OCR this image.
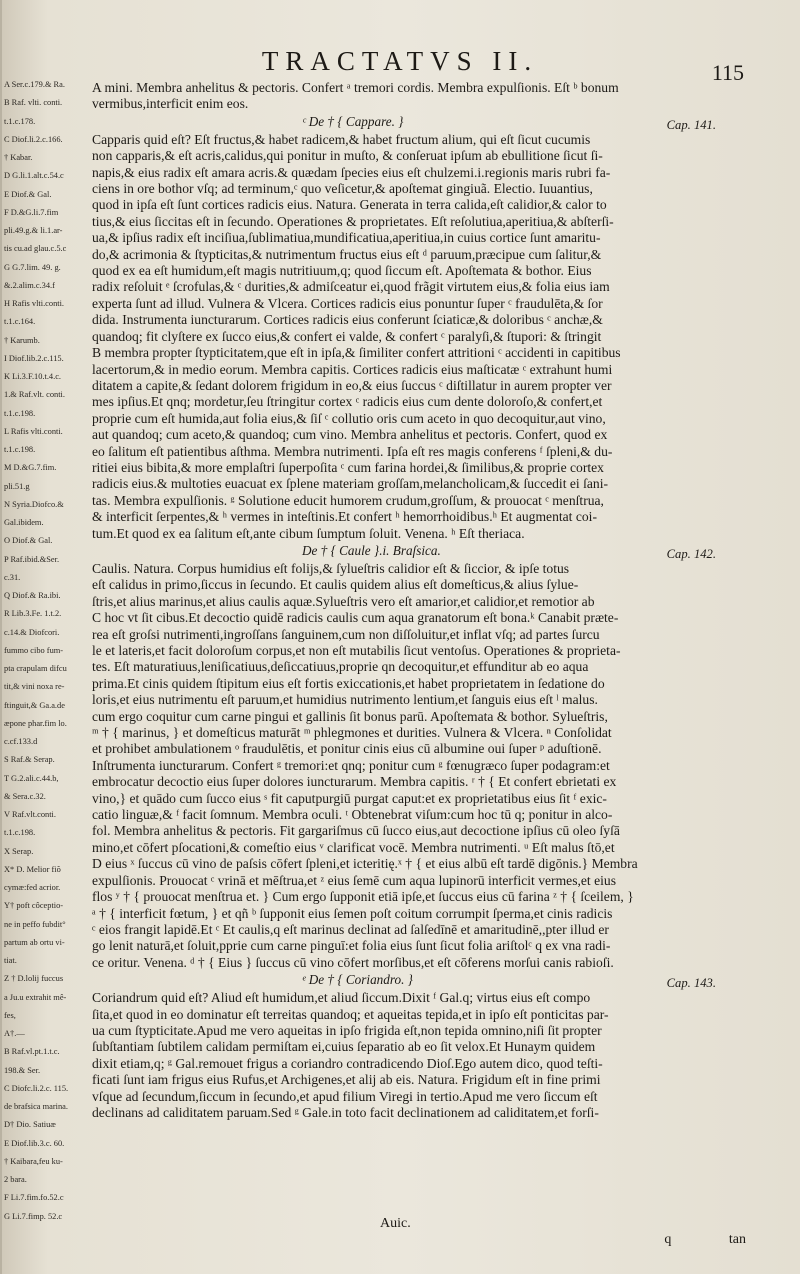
TRACTATVS II.	115
A Ser.c.179.& Ra.
B Raf. vlti. conti.
t.1.c.178.
C Diof.li.2.c.166.
† Kabar.
D G.li.1.alt.c.54.c
E Diof.& Gal.
F D.&G.li.7.fim
pli.49.g.& li.1.ar-
tis cu.ad glau.c.5.c
G G.7.lim. 49. g.
&.2.alim.c.34.f
H Rafis vlti.conti.
t.1.c.164.
† Karumb.
I Diof.lib.2.c.115.
K Li.3.F.10.t.4.c.
1.& Raf.vlt. conti.
t.1.c.198.
L Rafis vlti.conti.
t.1.c.198.
M D.&G.7.fim.
pli.51.g
N Syria.Diofco.&
Gal.ibidem.
O Diof.& Gal.
P Raf.ibid.&Ser.
c.31.
Q Diof.& Ra.ibi.
R Lib.3.Fe. 1.t.2.
c.14.& Diofcori.
fummo cibo fum-
pta crapulam difcu
tit,& vini noxa re-
ftinguit,& Ga.a.de
æpone phar.fim lo.
c.cf.133.d
S Raf.& Serap.
T G.2.ali.c.44.b,
& Sera.c.32.
V Raf.vlt.conti.
t.1.c.198.
X Serap.
X* D. Melior fiõ
cymæ:fed acrior.
Y† poft côceptio-
ne in peffo fubdit°
partum ab ortu vi-
tiat.
Z † D.lolij fuccus
a Ju.u extrahit mê-
fes,
A†.—
B Raf.vl.pt.1.t.c.
198.& Ser.
C Diofc.li.2.c. 115.
de brafsica marina.
D† Dio. Satiuæ
E Diof.lib.3.c. 60.
† Kaibara,feu ku-
2 bara.
F Li.7.fim.fo.52.c
G Li.7.fimp. 52.c

A mini. Membra anhelitus & pectoris. Confert ᵃ tremori cordis. Membra expulſionis. Eſt ᵇ bonum

vermibus,interficit enim eos.

ᶜ De † { Cappare. }	Cap. 141.

Capparis quid eſt? Eſt fructus,& habet radicem,& habet fructum alium, qui eſt ſicut cucumis

non capparis,& eſt acris,calidus,qui ponitur in muſto, & conſeruat ipſum ab ebullitione ſicut ſi-

napis,& eius radix eſt amara acris.& quædam ſpecies eius eſt chulzemi.i.regionis maris rubri fa-

ciens in ore bothor vſq; ad terminum,ᶜ quo veſicetur,& apoſtemat gingiuã. Electio. Iuuantius,

quod in ipſa eſt ſunt cortices radicis eius. Natura. Generata in terra calida,eſt calidior,& calor to

tius,& eius ſiccitas eſt in ſecundo. Operationes & proprietates. Eſt reſolutiua,aperitiua,& abſterſi-

ua,& ipſius radix eſt inciſiua,ſublimatiua,mundificatiua,aperitiua,in cuius cortice ſunt amaritu-

do,& acrimonia & ſtypticitas,& nutrimentum fructus eius eſt ᵈ paruum,præcipue cum ſalitur,&

quod ex ea eſt humidum,eſt magis nutritiuum,q; quod ſiccum eſt. Apoſtemata & bothor. Eius

radix reſoluit ᵉ ſcrofulas,& ᶜ durities,& admiſceatur ei,quod frãgit virtutem eius,& folia eius iam

experta ſunt ad illud. Vulnera & Vlcera. Cortices radicis eius ponuntur ſuper ᶜ fraudulēta,& ſor

dida. Instrumenta iuncturarum. Cortices radicis eius conferunt ſciaticæ,& doloribus ᶜ anchæ,&

quandoq; fit clyſtere ex ſucco eius,& confert ei valde, & confert ᶜ paralyſi,& ſtupori: & ſtringit

B membra propter ſtypticitatem,que eſt in ipſa,& ſimiliter confert attritioni ᶜ accidenti in capitibus

lacertorum,& in medio eorum. Membra capitis. Cortices radicis eius maſticatæ ᶜ extrahunt humi

ditatem a capite,& ſedant dolorem frigidum in eo,& eius ſuccus ᶜ diſtillatur in aurem propter ver

mes ipſius.Et qnq; mordetur,ſeu ſtringitur cortex ᶜ radicis eius cum dente doloroſo,& confert,et

proprie cum eſt humida,aut folia eius,& ſiſ ᶜ collutio oris cum aceto in quo decoquitur,aut vino,

aut quandoq; cum aceto,& quandoq; cum vino. Membra anhelitus et pectoris. Confert, quod ex

eo ſalitum eſt patientibus aſthma. Membra nutrimenti. Ipſa eſt res magis conferens ᶠ ſpleni,& du-

ritiei eius bibita,& more emplaſtri ſuperpoſita ᶜ cum farina hordei,& ſimilibus,& proprie cortex

radicis eius.& multoties euacuat ex ſplene materiam groſſam,melancholicam,& ſuccedit ei ſani-

tas. Membra expulſionis. ᵍ Solutione educit humorem crudum,groſſum, & prouocat ᶜ menſtrua,

& interficit ſerpentes,& ʰ vermes in inteſtinis.Et confert ʰ hemorrhoidibus.ʰ Et augmentat coi-

tum.Et quod ex ea ſalitum eſt,ante cibum ſumptum ſoluit. Venena. ʰ Eſt theriaca.

De † { Caule }.i. Braſsica.	Cap. 142.

Caulis. Natura. Corpus humidius eſt folijs,& ſylueſtris calidior eſt & ſiccior, & ipſe totus

eſt calidus in primo,ſiccus in ſecundo. Et caulis quidem alius eſt domeſticus,& alius ſylue-

ſtris,et alius marinus,et alius caulis aquæ.Sylueſtris vero eſt amarior,et calidior,et remotior ab

C hoc vt ſit cibus.Et decoctio quidē radicis caulis cum aqua granatorum eſt bona.ᵏ Canabit præte-

rea eſt groſsi nutrimenti,ingroſſans ſanguinem,cum non diſſoluitur,et inflat vſq; ad partes ſurcu

le et lateris,et facit doloroſum corpus,et non eſt mutabilis ſicut ventoſus. Operationes & proprieta-

tes. Eſt maturatiuus,leniſicatiuus,deſiccatiuus,proprie qn decoquitur,et effunditur ab eo aqua

prima.Et cinis quidem ſtipitum eius eſt fortis exiccationis,et habet proprietatem in ſedatione do

loris,et eius nutrimentu eſt paruum,et humidius nutrimento lentium,et ſanguis eius eſt ˡ malus.

cum ergo coquitur cum carne pingui et gallinis ſit bonus parū. Apoſtemata & bothor. Sylueſtris,

ᵐ † { marinus, } et domeſticus maturāt ᵐ phlegmones et durities. Vulnera & Vlcera. ⁿ Conſolidat

et prohibet ambulationem ᵒ fraudulētis, et ponitur cinis eius cū albumine oui ſuper ᵖ aduſtionē.

Inſtrumenta iuncturarum. Confert ᵍ tremori:et qnq; ponitur cum ᵍ fœnugræco ſuper podagram:et

embrocatur decoctio eius ſuper dolores iuncturarum. Membra capitis. ʳ † { Et confert ebrietati ex

vino,} et quādo cum ſucco eius ˢ fit caputpurgiū purgat caput:et ex proprietatibus eius ſit ᶠ exic-

catio linguæ,& ᶠ facit ſomnum. Membra oculi. ᵗ Obtenebrat viſum:cum hoc tū q; ponitur in alco-

fol. Membra anhelitus & pectoris. Fit gargariſmus cū ſucco eius,aut decoctione ipſius cū oleo ſyſā

mino,et cōfert pſocationi,& comeſtio eius ᵛ clarificat vocē. Membra nutrimenti. ᵘ Eſt malus ſtō,et

D eius ˣ ſuccus cū vino de paſsis cōfert ſpleni,et icteritię.ˣ † { et eius albū eſt tardē digōnis.} Membra

expulſionis. Prouocat ᶜ vrinā et mēſtrua,et ᶻ eius ſemē cum aqua lupinorū interficit vermes,et eius

flos ʸ † { prouocat menſtrua et. } Cum ergo ſupponit etiā ipſe,et ſuccus eius cū farina ᶻ † { ſceilem, }

ᵃ † { interficit fœtum, } et qñ ᵇ ſupponit eius ſemen poſt coitum corrumpit ſperma,et cinis radicis

ᶜ eios frangit lapidē.Et ᶜ Et caulis,q eſt marinus declinat ad ſalſedīnē et amaritudinē,,pter illud er

go lenit naturā,et ſoluit,pprie cum carne pinguī:et folia eius ſunt ſicut folia ariſtolᶜ q ex vna radi-

ce oritur. Venena. ᵈ † { Eius } ſuccus cū vino cōfert morſibus,et eſt cōferens morſui canis rabioſi.

ᵉ De † { Coriandro. }	Cap. 143.

Coriandrum quid eſt? Aliud eſt humidum,et aliud ſiccum.Dixit ᶠ Gal.q; virtus eius eſt compo

ſita,et quod in eo dominatur eſt terreitas quandoq; et aqueitas tepida,et in ipſo eſt ponticitas par-

ua cum ſtypticitate.Apud me vero aqueitas in ipſo frigida eſt,non tepida omnino,niſi ſit propter

ſubſtantiam ſubtilem calidam permiſtam ei,cuius ſeparatio ab eo ſit velox.Et Hunaym quidem

dixit etiam,q; ᵍ Gal.remouet frigus a coriandro contradicendo Dioſ.Ego autem dico, quod teſti-

ficati ſunt iam frigus eius Rufus,et Archigenes,et alij ab eis. Natura. Frigidum eſt in fine primi

vſque ad ſecundum,ſiccum in ſecundo,et apud filium Viregi in tertio.Apud me vero ſiccum eſt

declinans ad caliditatem paruam.Sed ᵍ Gale.in toto facit declinationem ad caliditatem,et forſi-

Auic.
q	tan
